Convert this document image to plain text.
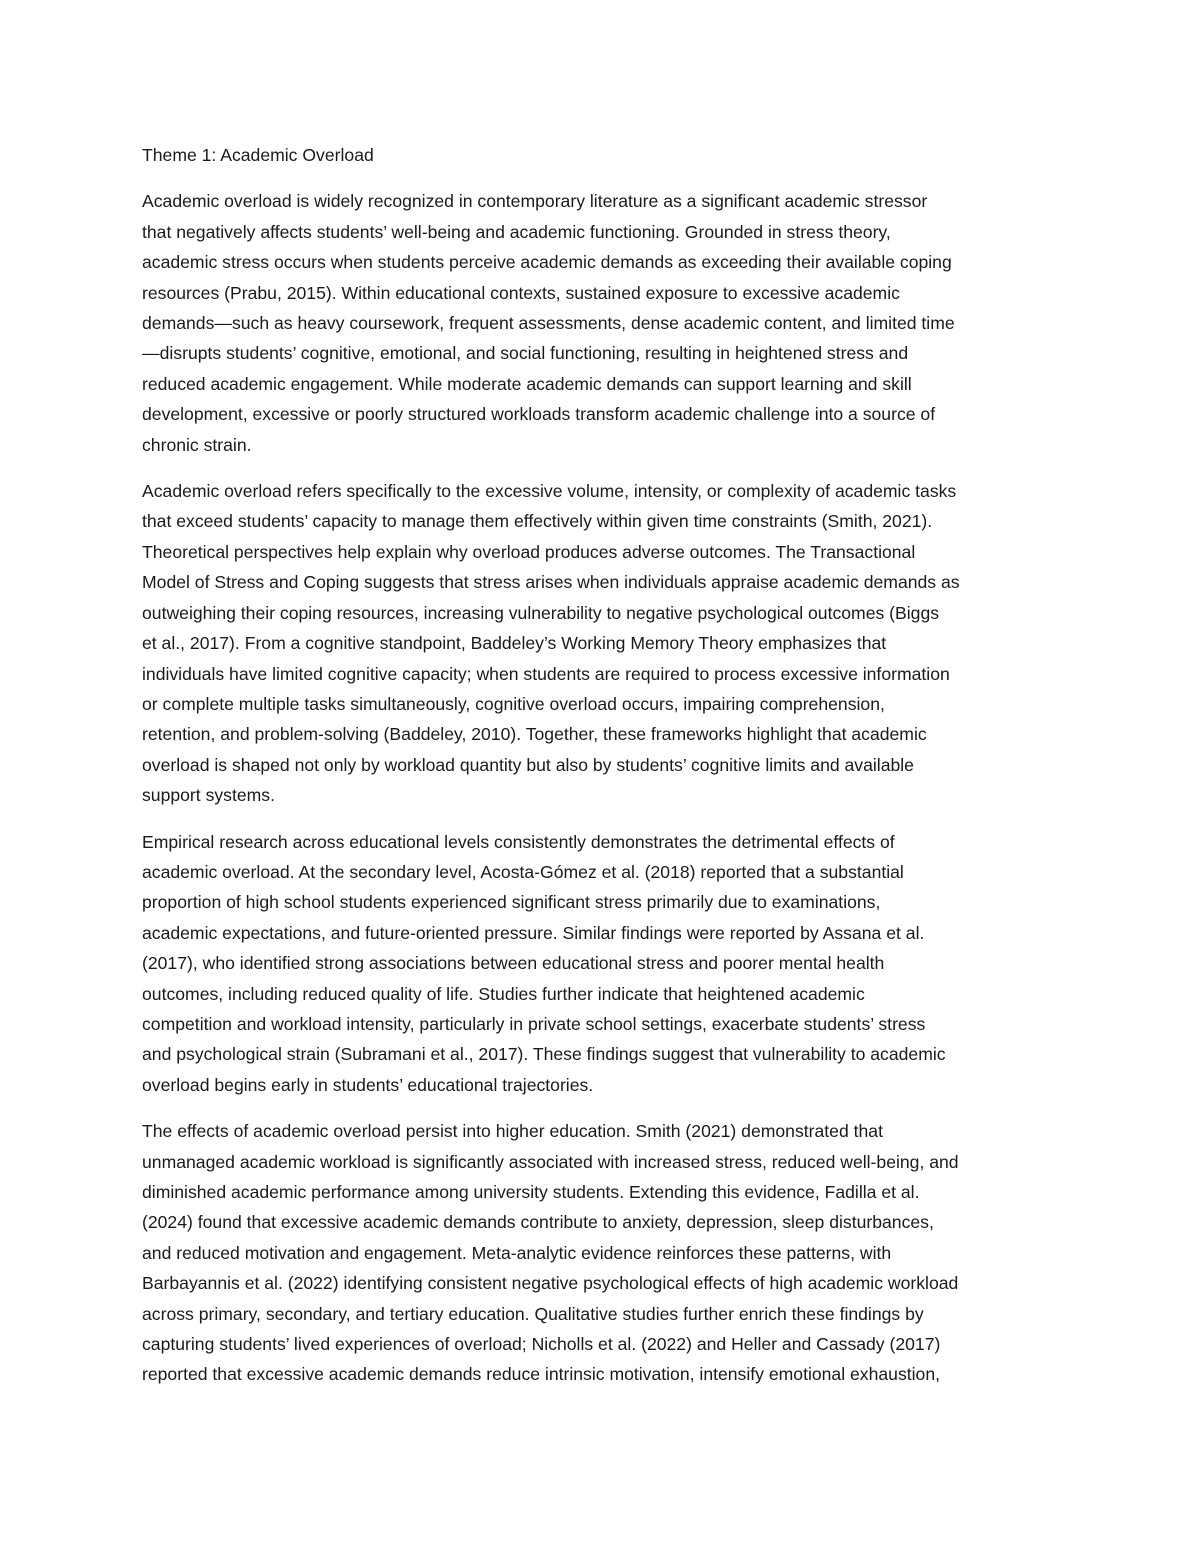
Theme 1: Academic Overload

Academic overload is widely recognized in contemporary literature as a significant academic stressor
that negatively affects students’ well-being and academic functioning. Grounded in stress theory,
academic stress occurs when students perceive academic demands as exceeding their available coping
resources (Prabu, 2015). Within educational contexts, sustained exposure to excessive academic
demands—such as heavy coursework, frequent assessments, dense academic content, and limited time
—disrupts students’ cognitive, emotional, and social functioning, resulting in heightened stress and
reduced academic engagement. While moderate academic demands can support learning and skill
development, excessive or poorly structured workloads transform academic challenge into a source of
chronic strain.

Academic overload refers specifically to the excessive volume, intensity, or complexity of academic tasks
that exceed students’ capacity to manage them effectively within given time constraints (Smith, 2021).
Theoretical perspectives help explain why overload produces adverse outcomes. The Transactional
Model of Stress and Coping suggests that stress arises when individuals appraise academic demands as
outweighing their coping resources, increasing vulnerability to negative psychological outcomes (Biggs
et al., 2017). From a cognitive standpoint, Baddeley’s Working Memory Theory emphasizes that
individuals have limited cognitive capacity; when students are required to process excessive information
or complete multiple tasks simultaneously, cognitive overload occurs, impairing comprehension,
retention, and problem-solving (Baddeley, 2010). Together, these frameworks highlight that academic
overload is shaped not only by workload quantity but also by students’ cognitive limits and available
support systems.

Empirical research across educational levels consistently demonstrates the detrimental effects of
academic overload. At the secondary level, Acosta-Gómez et al. (2018) reported that a substantial
proportion of high school students experienced significant stress primarily due to examinations,
academic expectations, and future-oriented pressure. Similar findings were reported by Assana et al.
(2017), who identified strong associations between educational stress and poorer mental health
outcomes, including reduced quality of life. Studies further indicate that heightened academic
competition and workload intensity, particularly in private school settings, exacerbate students’ stress
and psychological strain (Subramani et al., 2017). These findings suggest that vulnerability to academic
overload begins early in students’ educational trajectories.

The effects of academic overload persist into higher education. Smith (2021) demonstrated that
unmanaged academic workload is significantly associated with increased stress, reduced well-being, and
diminished academic performance among university students. Extending this evidence, Fadilla et al.
(2024) found that excessive academic demands contribute to anxiety, depression, sleep disturbances,
and reduced motivation and engagement. Meta-analytic evidence reinforces these patterns, with
Barbayannis et al. (2022) identifying consistent negative psychological effects of high academic workload
across primary, secondary, and tertiary education. Qualitative studies further enrich these findings by
capturing students’ lived experiences of overload; Nicholls et al. (2022) and Heller and Cassady (2017)
reported that excessive academic demands reduce intrinsic motivation, intensify emotional exhaustion,
